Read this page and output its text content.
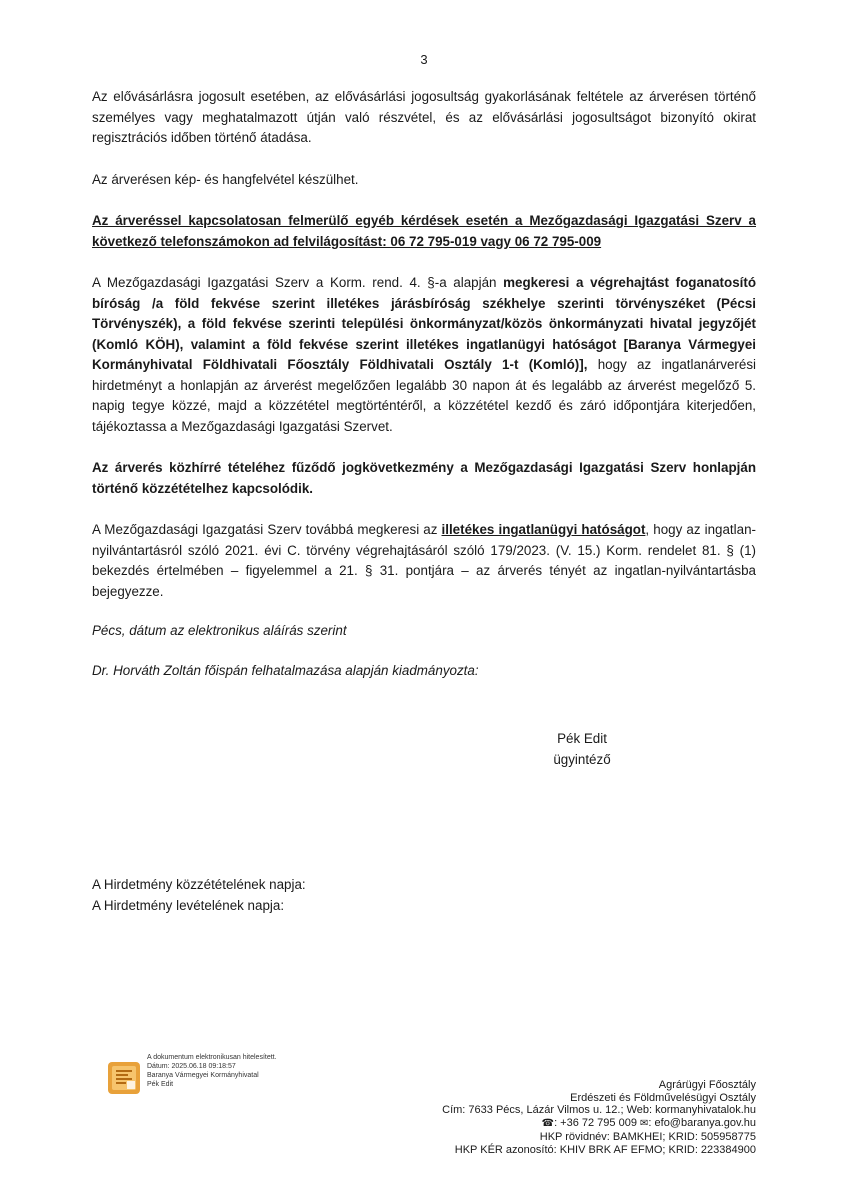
3

Az elővásárlásra jogosult esetében, az elővásárlási jogosultság gyakorlásának feltétele az árverésen történő személyes vagy meghatalmazott útján való részvétel, és az elővásárlási jogosultságot bizonyító okirat regisztrációs időben történő átadása.

Az árverésen kép- és hangfelvétel készülhet.

Az árveréssel kapcsolatosan felmerülő egyéb kérdések esetén a Mezőgazdasági Igazgatási Szerv a következő telefonszámokon ad felvilágosítást: 06 72 795-019 vagy 06 72 795-009

A Mezőgazdasági Igazgatási Szerv a Korm. rend. 4. §-a alapján megkeresi a végrehajtást foganatosító bíróság /a föld fekvése szerint illetékes járásbíróság székhelye szerinti törvényszéket (Pécsi Törvényszék), a föld fekvése szerinti települési önkormányzat/közös önkormányzati hivatal jegyzőjét (Komló KÖH), valamint a föld fekvése szerint illetékes ingatlanügyi hatóságot [Baranya Vármegyei Kormányhivatal Földhivatali Főosztály Földhivatali Osztály 1-t (Komló)], hogy az ingatlanárverési hirdetményt a honlapján az árverést megelőzően legalább 30 napon át és legalább az árverést megelőző 5. napig tegye közzé, majd a közzététel megtörténtéről, a közzététel kezdő és záró időpontjára kiterjedően, tájékoztassa a Mezőgazdasági Igazgatási Szervet.

Az árverés közhírré tételéhez fűződő jogkövetkezmény a Mezőgazdasági Igazgatási Szerv honlapján történő közzétételhez kapcsolódik.

A Mezőgazdasági Igazgatási Szerv továbbá megkeresi az illetékes ingatlanügyi hatóságot, hogy az ingatlan-nyilvántartásról szóló 2021. évi C. törvény végrehajtásáról szóló 179/2023. (V. 15.) Korm. rendelet 81. § (1) bekezdés értelmében – figyelemmel a 21. § 31. pontjára – az árverés tényét az ingatlan-nyilvántartásba bejegyezze.

Pécs, dátum az elektronikus aláírás szerint

Dr. Horváth Zoltán főispán felhatalmazása alapján kiadmányozta:

Pék Edit
ügyintéző
A Hirdetmény közzétételének napja:
A Hirdetmény levételének napja:
A dokumentum elektronikusan hitelesített.
Dátum: 2025.06.18 09:18:57
Baranya Vármegyei Kormányhivatal
Pék Edit	Agrárügyi Főosztály
Erdészeti és Földművelésügyi Osztály
Cím: 7633 Pécs, Lázár Vilmos u. 12.; Web: kormanyhivatalok.hu
☎: +36 72 795 009 ✉: efo@baranya.gov.hu
HKP rövidnév: BAMKHEI; KRID: 505958775
HKP KÉR azonosító: KHIV BRK AF EFMO; KRID: 223384900
